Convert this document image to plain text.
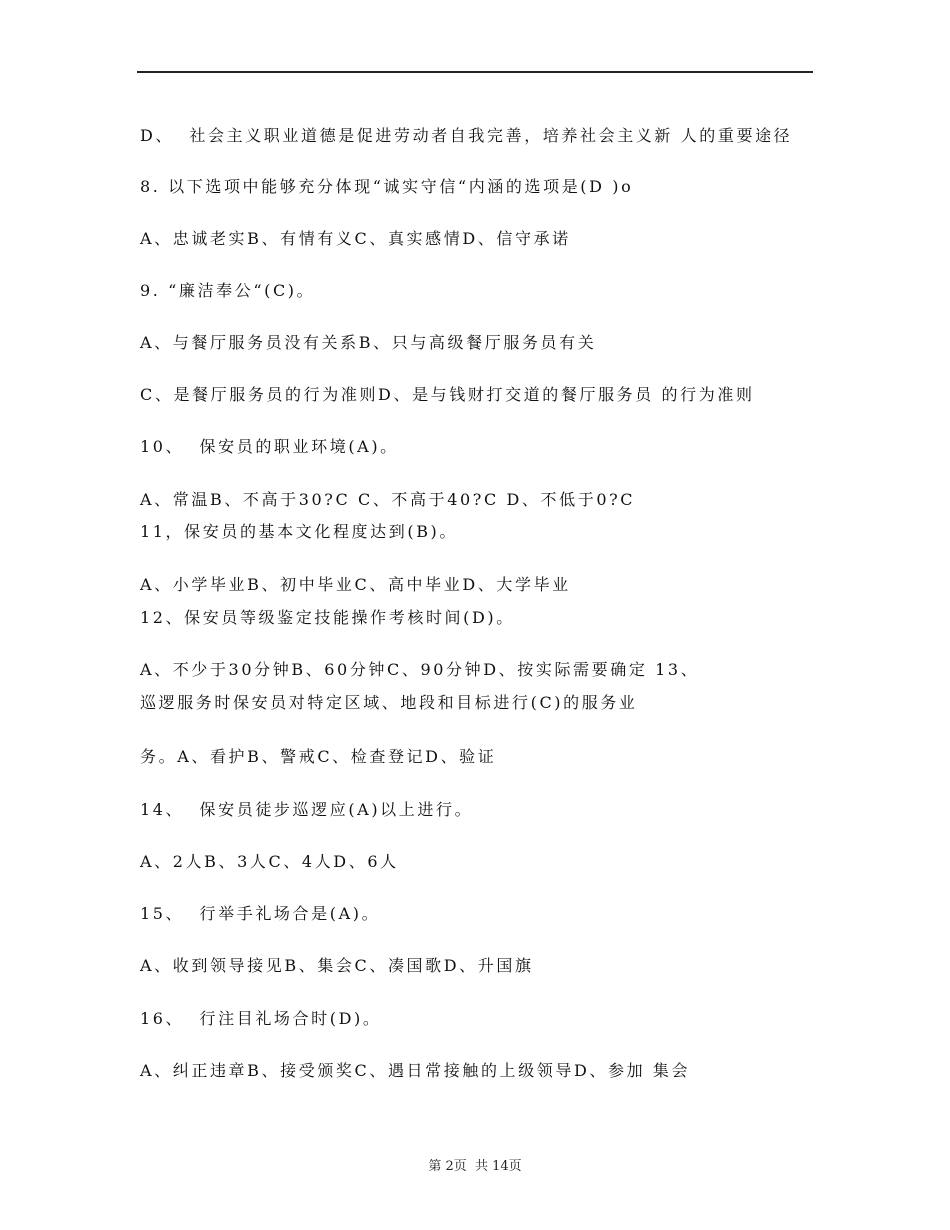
D、  社会主义职业道德是促进劳动者自我完善，培养社会主义新 人的重要途径
8. 以下选项中能够充分体现“诚实守信“内涵的选项是(D )o
A、忠诚老实B、有情有义C、真实感情D、信守承诺
9. “廉洁奉公“(C)。
A、与餐厅服务员没有关系B、只与高级餐厅服务员有关
C、是餐厅服务员的行为准则D、是与钱财打交道的餐厅服务员 的行为准则
10、  保安员的职业环境(A)。
A、常温B、不高于30?C C、不高于40?C D、不低于0?C
11，保安员的基本文化程度达到(B)。
A、小学毕业B、初中毕业C、高中毕业D、大学毕业
12、保安员等级鉴定技能操作考核时间(D)。
A、不少于30分钟B、60分钟C、90分钟D、按实际需要确定 13、
巡逻服务时保安员对特定区域、地段和目标进行(C)的服务业
务。A、看护B、警戒C、检查登记D、验证
14、  保安员徒步巡逻应(A)以上进行。
A、2人B、3人C、4人D、6人
15、  行举手礼场合是(A)。
A、收到领导接见B、集会C、凑国歌D、升国旗
16、  行注目礼场合时(D)。
A、纠正违章B、接受颁奖C、遇日常接触的上级领导D、参加 集会
第 2页  共 14页
